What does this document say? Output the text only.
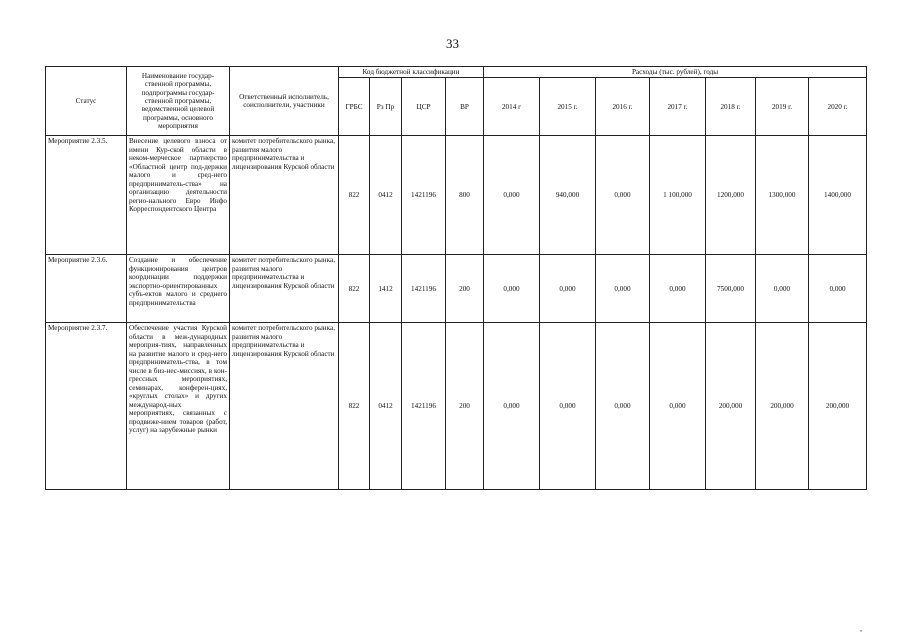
33
Статус	Наименование государ-ственной программы, подпрограммы государ-ственной программы, ведомственной целевой программы, основного мероприятия	Ответственный исполнитель, соисполнители, участники	Код бюджетной классификации				Расходы (тыс. рублей), годы						
			ГРБС	Рз Пр	ЦСР	ВР	2014 г	2015 г.	2016 г.	2017 г.	2018 г.	2019 г.	2020 г.
Мероприятие 2.3.5.	Внесение целевого взноса от имени Кур-ской области в неком-мерческое партнерство «Областной центр под-держки малого и сред-него предприниматель-ства» на организацию деятельности регио-нального Евро Инфо Корреспондентского Центра	комитет потребительского рынка, развития малого предпринимательства и лицензирования Курской области	822	0412	1421196	800	0,000	940,000	0,000	1 100,000	1200,000	1300,000	1400,000
Мероприятие 2.3.6.	Создание и обеспечение функционирования центров координации поддержки экспортно-ориентированных субъ-ектов малого и среднего предпринимательства	комитет потребительского рынка, развития малого предпринимательства и лицензирования Курской области	822	1412	1421196	200	0,000	0,000	0,000	0,000	7500,000	0,000	0,000
Мероприятие 2.3.7.	Обеспечение участия Курской области в меж-дународных мероприя-тиях, направленных на развитие малого и сред-него предприниматель-ства, в том числе в биз-нес-миссиях, в кон-грессных мероприятиях, семинарах, конферен-циях, «круглых столах» и других международ-ных мероприятиях, связанных с продвиже-нием товаров (работ, услуг) на зарубежные рынки	комитет потребительского рынка, развития малого предпринимательства и лицензирования Курской области	822	0412	1421196	200	0,000	0,000	0,000	0,000	200,000	200,000	200,000
,
